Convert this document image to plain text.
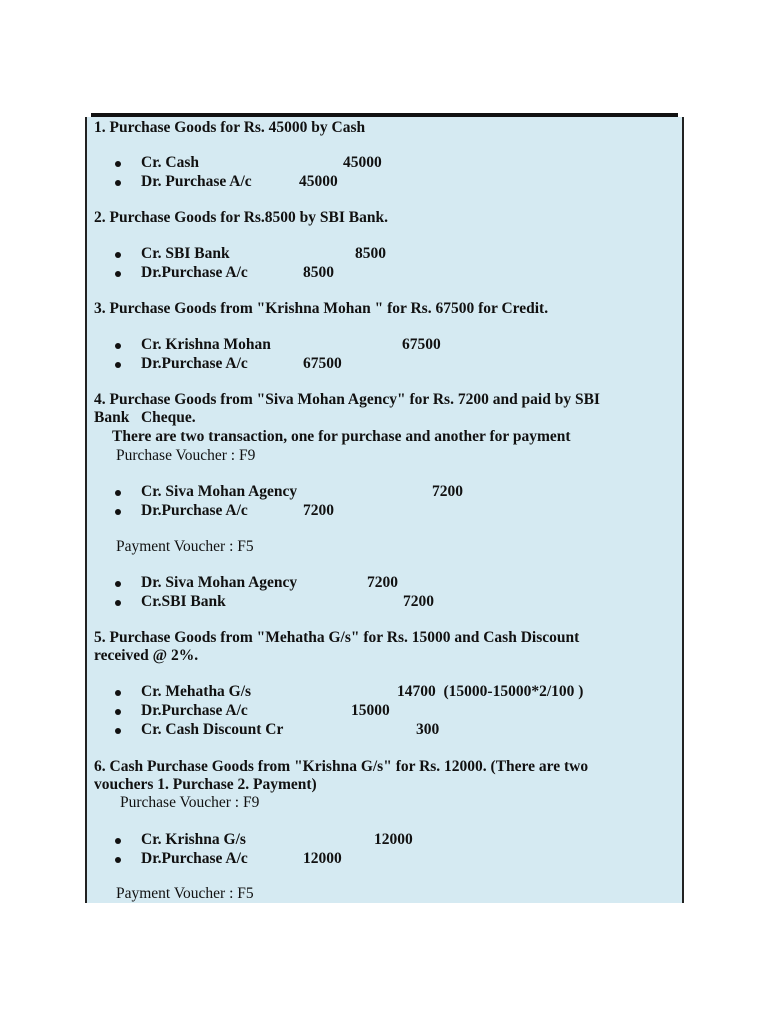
1. Purchase Goods for Rs. 45000 by Cash
Cr. Cash	45000
Dr. Purchase A/c	45000
2. Purchase Goods for Rs.8500 by SBI Bank.
Cr. SBI Bank	8500
Dr.Purchase A/c	8500
3. Purchase Goods from "Krishna Mohan " for Rs. 67500 for Credit.
Cr. Krishna Mohan	67500
Dr.Purchase A/c	67500
4. Purchase Goods from "Siva Mohan Agency" for Rs. 7200 and paid by SBI
Bank   Cheque.
There are two transaction, one for purchase and another for payment
Purchase Voucher : F9
Cr. Siva Mohan Agency	7200
Dr.Purchase A/c	7200
Payment Voucher : F5
Dr. Siva Mohan Agency	7200
Cr.SBI Bank	7200
5. Purchase Goods from "Mehatha G/s" for Rs. 15000 and Cash Discount
received @ 2%.
Cr. Mehatha G/s	14700  (15000-15000*2/100 )
Dr.Purchase A/c	15000
Cr. Cash Discount Cr	300
6. Cash Purchase Goods from "Krishna G/s" for Rs. 12000. (There are two
vouchers 1. Purchase 2. Payment)
Purchase Voucher : F9
Cr. Krishna G/s	12000
Dr.Purchase A/c	12000
Payment Voucher : F5
